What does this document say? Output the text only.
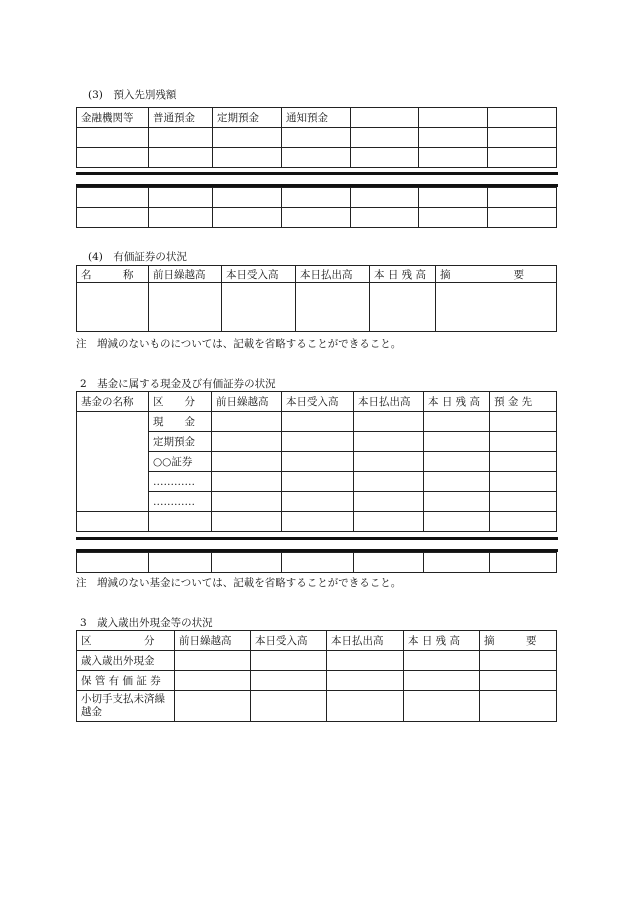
(3)　預入先別残額
金融機関等	普通預金	定期預金	通知預金			

(4)　有価証券の状況
名　　　称	前日繰越高	本日受入高	本日払出高	本 日 残 高	摘　　　　　　要

注　増減のないものについては、記載を省略することができること。
2　基金に属する現金及び有価証券の状況
基金の名称	区　　分	前日繰越高	本日受入高	本日払出高	本 日 残 高	預 金 先
	現　　金					
	定期預金					
	○○証券					
	…………					
	…………					

注　増減のない基金については、記載を省略することができること。
3　歳入歳出外現金等の状況
区　　　　　分	前日繰越高	本日受入高	本日払出高	本 日 残 高	摘　　　要
歳入歳出外現金					
保 管 有 価 証 券					
小切手支払未済繰越金					
